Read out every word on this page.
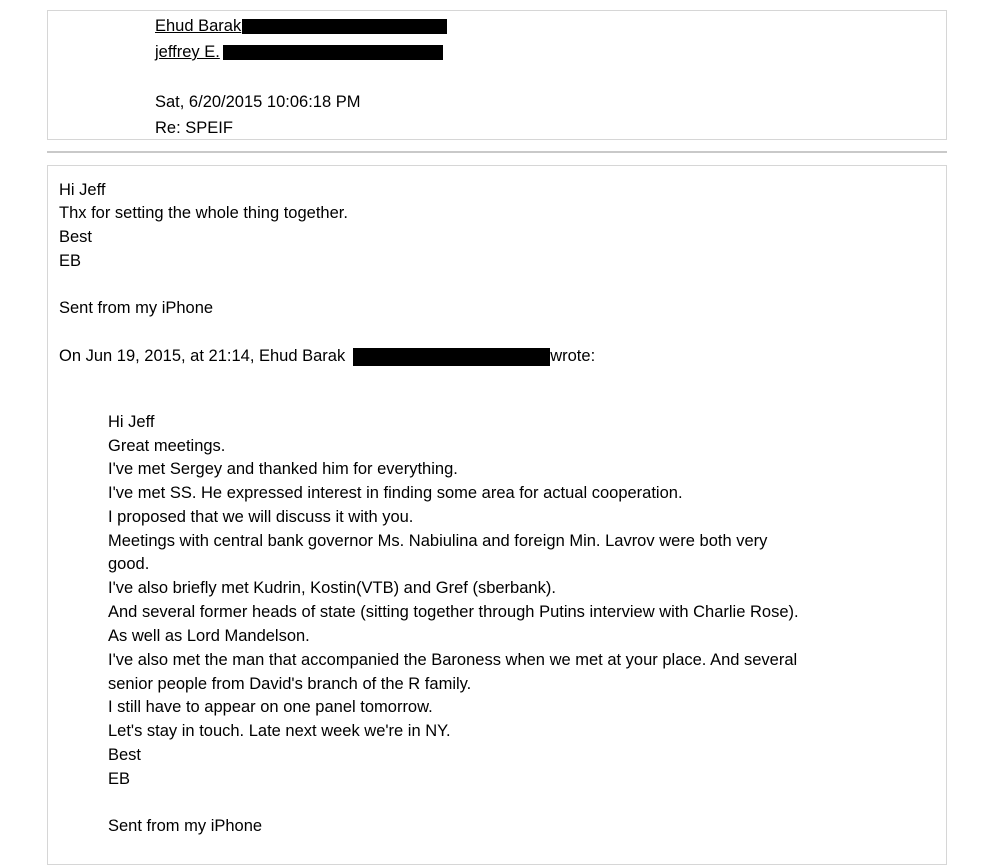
Ehud Barak
jeffrey E.
Sat, 6/20/2015 10:06:18 PM
Re: SPEIF
Hi Jeff
Thx for setting the whole thing together.
Best
EB
Sent from my iPhone
On Jun 19, 2015, at 21:14, Ehud Barak	wrote:
Hi Jeff
Great meetings.
I've met Sergey and thanked him for everything.
I've met SS. He expressed interest in finding some area for actual cooperation.
I proposed that we will discuss it with you.
Meetings with central bank governor Ms. Nabiulina and foreign Min. Lavrov were both very
good.
I've also briefly met Kudrin, Kostin(VTB) and Gref (sberbank).
And several former heads of state (sitting together through Putins interview with Charlie Rose).
As well as Lord Mandelson.
I've also met the man that accompanied the Baroness when we met at your place. And several
senior people from David's branch of the R family.
I still have to appear on one panel tomorrow.
Let's stay in touch. Late next week we're in NY.
Best
EB
Sent from my iPhone
